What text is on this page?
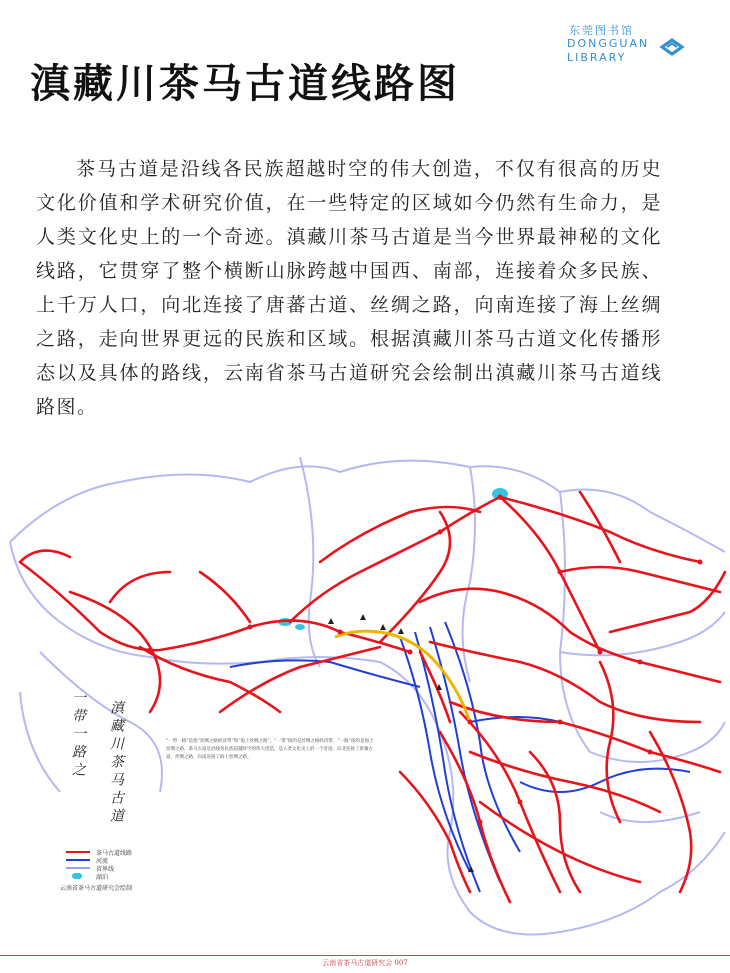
东莞图书馆
DONGGUAN
LIBRARY
滇藏川茶马古道线路图
茶马古道是沿线各民族超越时空的伟大创造，不仅有很高的历史文化价值和学术研究价值，在一些特定的区域如今仍然有生命力，是人类文化史上的一个奇迹。滇藏川茶马古道是当今世界最神秘的文化线路，它贯穿了整个横断山脉跨越中国西、南部，连接着众多民族、上千万人口，向北连接了唐蕃古道、丝绸之路，向南连接了海上丝绸之路，走向世界更远的民族和区域。根据滇藏川茶马古道文化传播形态以及具体的路线，云南省茶马古道研究会绘制出滇藏川茶马古道线路图。
一带一路之 滇藏川茶马古道	“一带一路”是指“丝绸之路经济带”和“海上丝绸之路”。“一带”指的是丝绸之路经济带，“一路”指的是海上丝绸之路。茶马古道是沿线各民族超越时空的伟大创造，是人类文化史上的一个奇迹，向北连接了唐蕃古道、丝绸之路，向南连接了海上丝绸之路。
茶马古道线路
河流
省界线
湖泊
云南省茶马古道研究会绘制
云南省茶马古道研究会 007
